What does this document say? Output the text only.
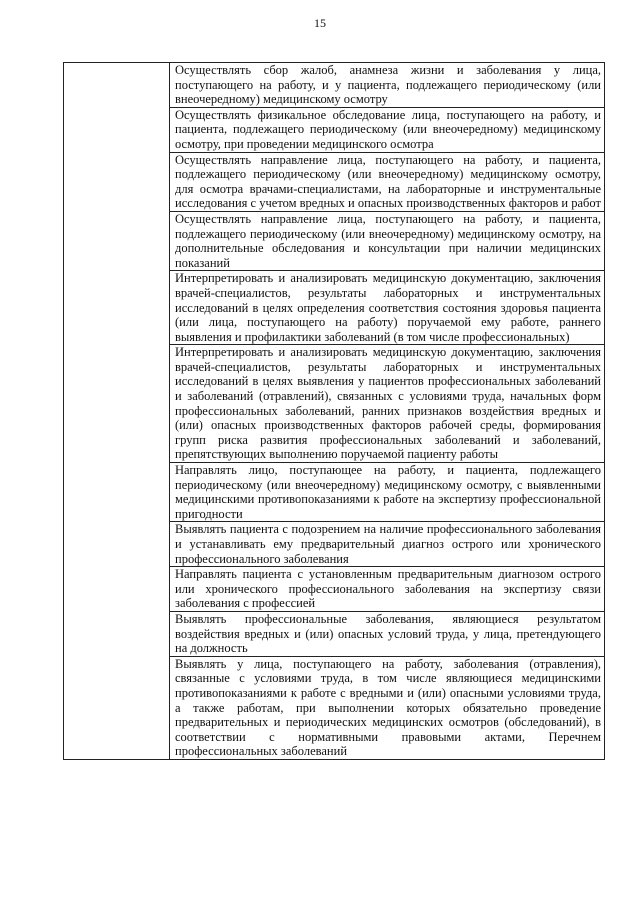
15

Осуществлять сбор жалоб, анамнеза жизни и заболевания у лица, поступающего на работу, и у пациента, подлежащего периодическому (или внеочередному) медицинскому осмотру

Осуществлять физикальное обследование лица, поступающего на работу, и пациента, подлежащего периодическому (или внеочередному) медицинскому осмотру, при проведении медицинского осмотра

Осуществлять направление лица, поступающего на работу, и пациента, подлежащего периодическому (или внеочередному) медицинскому осмотру, для осмотра врачами-специалистами, на лабораторные и инструментальные исследования с учетом вредных и опасных производственных факторов и работ

Осуществлять направление лица, поступающего на работу, и пациента, подлежащего периодическому (или внеочередному) медицинскому осмотру, на дополнительные обследования и консультации при наличии медицинских показаний

Интерпретировать и анализировать медицинскую документацию, заключения врачей-специалистов, результаты лабораторных и инструментальных исследований в целях определения соответствия состояния здоровья пациента (или лица, поступающего на работу) поручаемой ему работе, раннего выявления и профилактики заболеваний (в том числе профессиональных)

Интерпретировать и анализировать медицинскую документацию, заключения врачей-специалистов, результаты лабораторных и инструментальных исследований в целях выявления у пациентов профессиональных заболеваний и заболеваний (отравлений), связанных с условиями труда, начальных форм профессиональных заболеваний, ранних признаков воздействия вредных и (или) опасных производственных факторов рабочей среды, формирования групп риска развития профессиональных заболеваний и заболеваний, препятствующих выполнению поручаемой пациенту работы

Направлять лицо, поступающее на работу, и пациента, подлежащего периодическому (или внеочередному) медицинскому осмотру, с выявленными медицинскими противопоказаниями к работе на экспертизу профессиональной пригодности

Выявлять пациента с подозрением на наличие профессионального заболевания и устанавливать ему предварительный диагноз острого или хронического профессионального заболевания

Направлять пациента с установленным предварительным диагнозом острого или хронического профессионального заболевания на экспертизу связи заболевания с профессией

Выявлять профессиональные заболевания, являющиеся результатом воздействия вредных и (или) опасных условий труда, у лица, претендующего на должность

Выявлять у лица, поступающего на работу, заболевания (отравления), связанные с условиями труда, в том числе являющиеся медицинскими противопоказаниями к работе с вредными и (или) опасными условиями труда, а также работам, при выполнении которых обязательно проведение предварительных и периодических медицинских осмотров (обследований), в соответствии с нормативными правовыми актами, Перечнем профессиональных заболеваний
